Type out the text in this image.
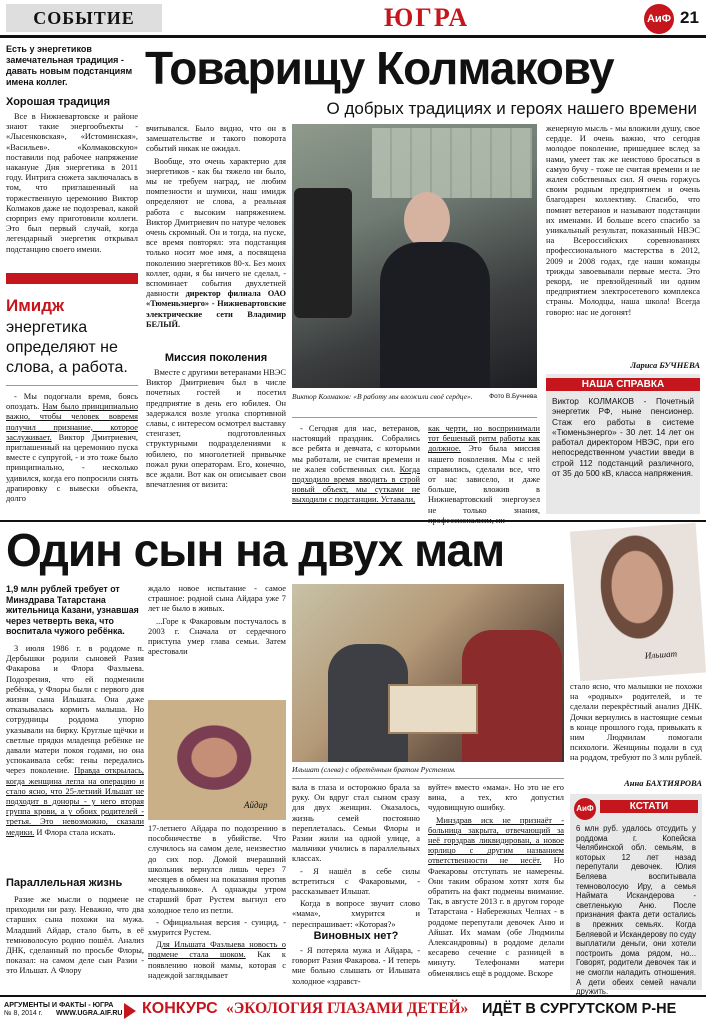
СОБЫТИЕ	ЮГРА	АиФ 21
Есть у энергетиков замечательная традиция - давать новым подстанциям имена коллег.	Товарищу Колмакову
О добрых традициях и героях нашего времени
Хорошая традиция

Все в Нижневартовске и районе знают такие энергообъекты - «Лысенковская», «Истоминская», «Васильев». «Колмаковскую» поставили под рабочее напряжение накануне Дня энергетика в 2011 году. Интрига сюжета заключалась в том, что приглашенный на торжественную церемонию Виктор Колмаков даже не подозревал, какой сюрприз ему приготовили коллеги. Это был первый случай, когда легендарный энергетик открывал подстанцию своего имени.

Имидж
энергетика определяют не слова, а работа.

- Мы подогнали время, боясь опоздать. Нам было принципиально важно, чтобы человек вовремя получил признание, которое заслуживает. Виктор Дмитриевич, приглашенный на церемонию пуска вместе с супругой, - и это тоже было принципиально, - несколько удивился, когда его попросили снять драпировку с вывески объекта, долго

вчитывался. Было видно, что он в замешательстве и такого поворота событий никак не ожидал.

Вообще, это очень характерно для энергетиков - как бы тяжело ни было, мы не требуем наград, не любим помпезности и шумихи, наш имидж определяют не слова, а реальная работа с высоким напряжением. Виктор Дмитриевич по натуре человек очень скромный. Он и тогда, на пуске, все время повторял: эта подстанция только носит мое имя, а посвящена поколению энергетиков 80-х. Без моих коллег, одни, я бы ничего не сделал, - вспоминает события двухлетней давности директор филиала ОАО «Тюменьэнерго» - Нижневартовские электрические сети Владимир БЕЛЫЙ.

Миссия поколения

Вместе с другими ветеранами НВЭС Виктор Дмитриевич был в числе почетных гостей и посетил предприятие в день его юбилея. Он задержался возле уголка спортивной славы, с интересом осмотрел выставку стенгазет, подготовленных структурными подразделениями к юбилею, по многолетней привычке пожал руки операторам. Его, конечно, все ждали. Вот как он описывает свои впечатления от визита:

Виктор Колмаков: «В работу мы вложили своё сердце».	Фото В.Бучнева

- Сегодня для нас, ветеранов, настоящий праздник. Собрались все ребята и девчата, с которыми мы работали, не считая времени и не жалея собственных сил. Когда подходило время вводить в строй новый объект, мы сутками не выходили с подстанции. Уставали,

как черти, но воспринимали тот бешеный ритм работы как должное. Это была миссия нашего поколения. Мы с ней справились, сделали все, что от нас зависело, и даже больше, вложив в Нижневартовский энергоузел не только знания,

женерную мысль - мы вложили душу, свое сердце. И очень важно, что сегодня молодое поколение, пришедшее вслед за нами, умеет так же неистово бросаться в самую бучу - тоже не считая времени и не жалея собственных сил. Я очень горжусь своим родным предприятием и очень благодарен коллективу. Спасибо, что помнят ветеранов и называют подстанции их именами. И больше всего спасибо за уникальный результат, показанный НВЭС на Всероссийских соревнованиях профессионального мастерства в 2012, 2009 и 2008 годах, где наши команды трижды завоевывали первые места. Это рекорд, не превзойденный ни одним предприятием электросетевого комплекса страны. Молодцы, наша школа! Всегда говорю: нас не догонят!

Лариса БУЧНЕВА
НАША СПРАВКА
Виктор КОЛМАКОВ - Почетный энергетик РФ, ныне пенсионер. Стаж его работы в системе «Тюменьэнерго» - 30 лет. 14 лет он работал директором НВЭС, при его непосредственном участии введи в строй 112 подстанций различного, от 35 до 500 кВ, класса напряжения.
Один сын на двух мам
1,9 млн рублей требует от Минздрава Татарстана жительница Казани, узнавшая через четверть века, что воспитала чужого ребёнка.
Ильшат

3 июля 1986 г. в роддоме п. Дербышки родили сыновей Разия Факарова и Флора Фазлыева. Подозрения, что ей подменили ребёнка, у Флоры были с первого дня жизни сына Ильшата. Она даже отказывалась кормить малыша. Но сотрудницы роддома упорно указывали на бирку. Круглые щёчки и светлые прядки младенца ребёнке не давали матери покоя годами, но она успокаивала себя: гены передались через поколение. Правда открылась, когда женщина легла на операцию и стало ясно, что 25-летний Ильшат не подходит в доноры - у него вторая группа крови, а у обоих родителей - третья. Это невозможно, сказали медики. И Флора стала искать.

Параллельная жизнь

Разие же мысли о подмене не приходили ни разу. Неважно, что два старших сына похожи на мужа. Младший Айдар, стало быть, в её темноволосую родню пошёл. Анализ ДНК, сделанный по просьбе Флоры, показал: на самом деле сын Разии - это Ильшат. А Флору

ждало новое испытание - самое страшное: родной сына Айдара уже 7 лет не было в живых.

...Горе к Факаровым постучалось в 2003 г. Сначала от сердечного приступа умер глава семьи. Затем арестовали

Айдар

17-летнего Айдара по подозрению в пособничестве в убийстве. Что случилось на самом деле, неизвестно до сих пор. Домой вчерашний школьник вернулся лишь через 7 месяцев в обмен на показания против «подельников». А однажды утром старший брат Рустем выгнул его холодное тело из петли.

- Официальная версия - суицид, - хмурится Рустем.

Для Ильшата Фазлыева новость о подмене стала шоком. Как к появлению новой мамы, которая с надеждой заглядывает

Ильшат (слева) с обретённым братом Рустемом.

вала в глаза и осторожно брала за руку. Он вдруг стал сыном сразу для двух женщин. Оказалось, жизнь семей постоянно переплеталась. Семьи Флоры и Разии жили на одной улице, а мальчики учились в параллельных классах.

- Я нашёл в себе силы встретиться с Факаровыми, - рассказывает Ильшат.

Когда в вопросе звучит слово «мама», хмурится и переспрашивает: «Которая?»

Виновных нет?

- Я потеряла мужа и Айдара, - говорит Разия Факарова. - И теперь мне больно слышать от Ильшата холодное «здравст-

вуйте» вместо «мама». Но это не его вина, а тех, кто допустил чудовищную ошибку.

Минздрав иск не признаёт - больница закрыта, отвечающий за неё горздрав ликвидирован, а новое юрлицо с другим названием ответственности не несёт. Но Фаекаровы отступать не намерены. Они таким образом хотят хотя бы обратить на факт подмены внимание. Так, в августе 2013 г. в другом городе Татарстана - Набережных Челнах - в роддоме перепутали девочек Аню и Айшат. Их мамам (обе Людмилы Александровны) в роддоме делали кесарево сечение с разницей в минуту. Телефонами матери обменялись ещё в роддоме. Вскоре

стало ясно, что малышки не похожи на «родных» родителей, и те сделали перекрёстный анализ ДНК. Дочки вернулись в настоящие семьи в конце прошлого года, привыкать к ним Людмилам помогали психологи. Женщины подали в суд на роддом, требуют по 3 млн рублей.

Анна БАХТИЯРОВА
АиФ	КСТАТИ
6 млн руб. удалось отсудить у роддома г. Копейска Челябинской обл. семьям, в которых 12 лет назад перепутали девочек. Юлия Беляева воспитывала темноволосую Иру, а семья Наймата Искандерова - светленькую Аню. После признания факта дети остались в прежних семьях. Когда Беляевой и Искандерову по суду выплатили деньги, они хотели построить дома рядом, но... Говорят, родители девочек так и не смогли наладить отношения. А дети обеих семей начали дружить.
АРГУМЕНТЫ И ФАКТЫ - ЮГРА
№ 8, 2014 г. WWW.UGRA.AIF.RU КОНКУРС «ЭКОЛОГИЯ ГЛАЗАМИ ДЕТЕЙ» ИДЁТ В СУРГУТСКОМ Р-НЕ
